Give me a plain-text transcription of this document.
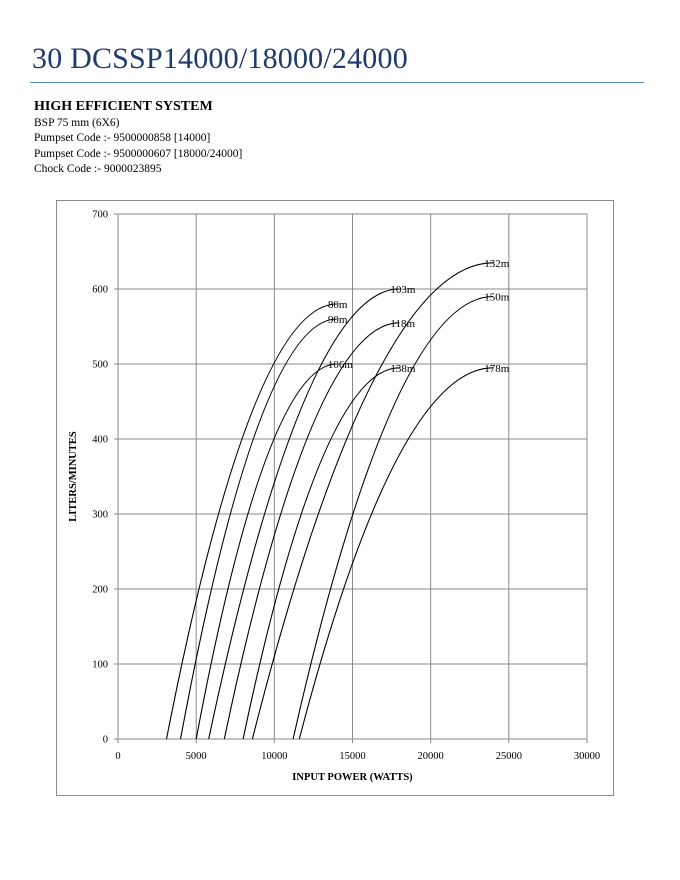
30 DCSSP14000/18000/24000
HIGH EFFICIENT SYSTEM
BSP 75 mm (6X6)
Pumpset Code :- 9500000858 [14000]
Pumpset Code :- 9500000607 [18000/24000]
Chock Code :- 9000023895
80m
90m
106m
103m
118m
138m
132m
150m
178m
0
100
200
300
400
500
600
700
0	5000	10000	15000	20000	25000	30000
INPUT POWER (WATTS)
LITERS/MINUTES
